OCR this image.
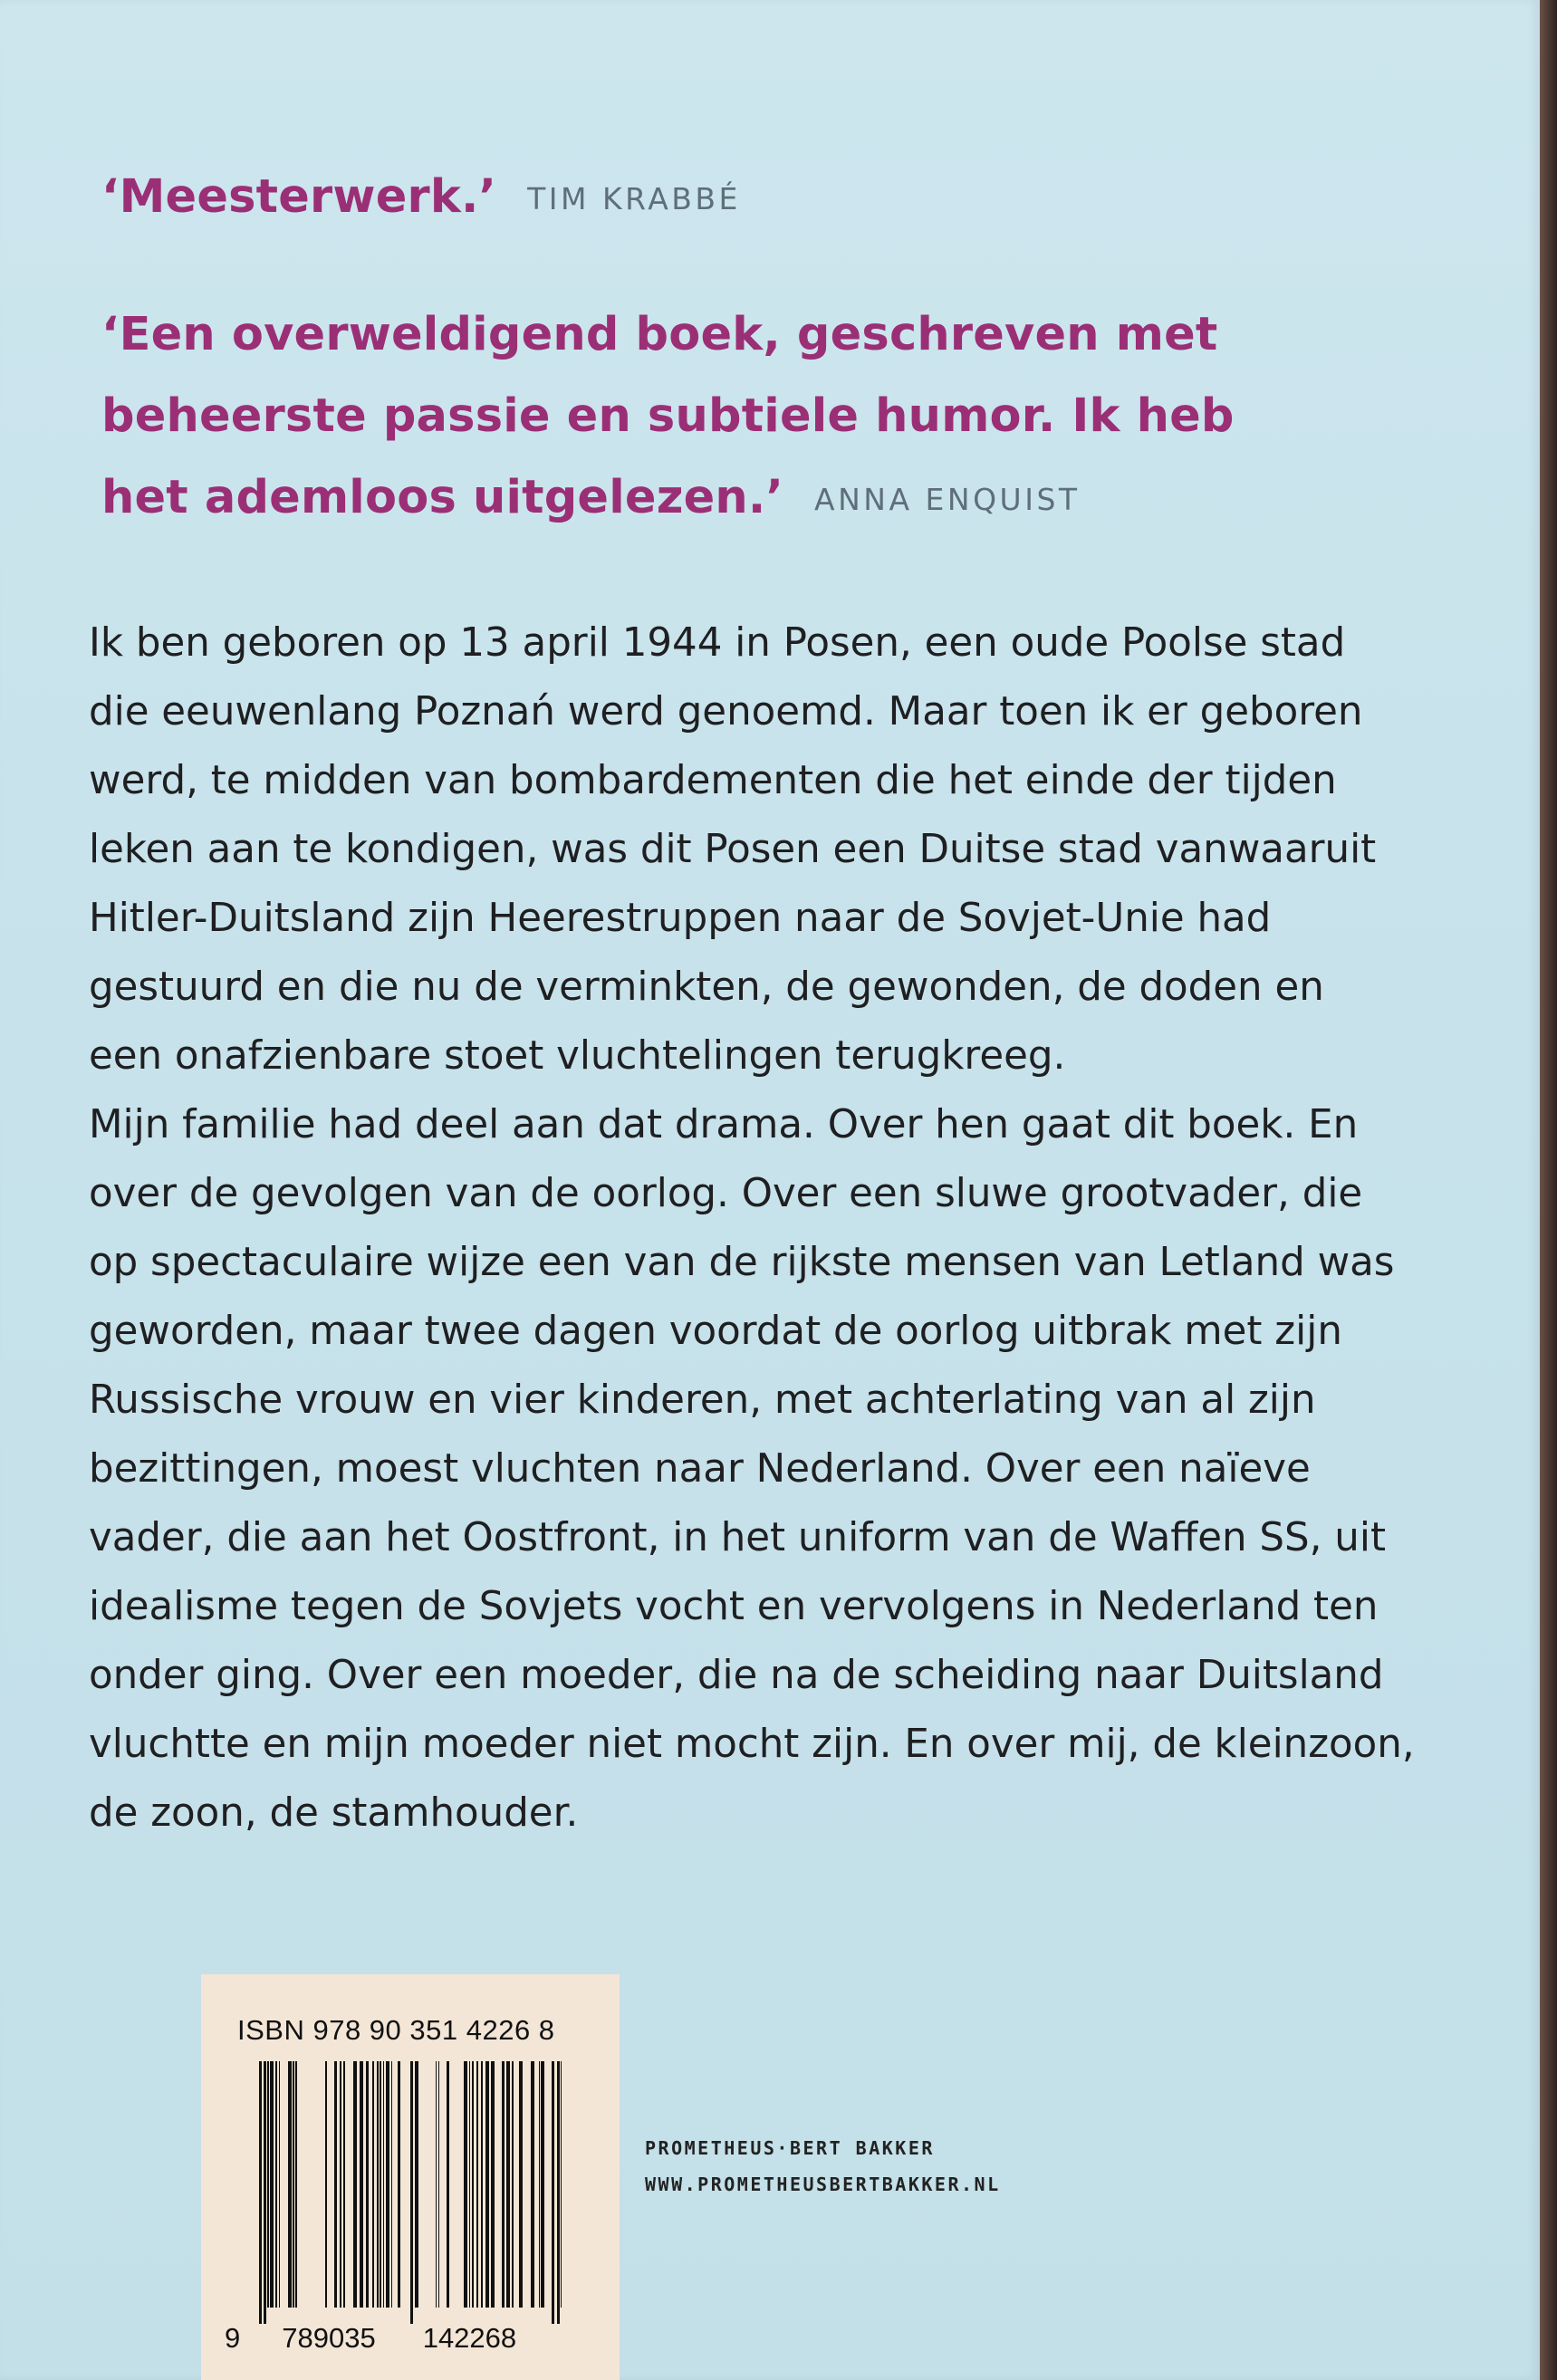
‘Meesterwerk.’ TIM KRABBÉ
‘Een overweldigend boek, geschreven met
beheerste passie en subtiele humor. Ik heb
het ademloos uitgelezen.’ ANNA ENQUIST
Ik ben geboren op 13 april 1944 in Posen, een oude Poolse stad
die eeuwenlang Poznań werd genoemd. Maar toen ik er geboren
werd, te midden van bombardementen die het einde der tijden
leken aan te kondigen, was dit Posen een Duitse stad vanwaaruit
Hitler-Duitsland zijn Heerestruppen naar de Sovjet-Unie had
gestuurd en die nu de verminkten, de gewonden, de doden en
een onafzienbare stoet vluchtelingen terugkreeg.
Mijn familie had deel aan dat drama. Over hen gaat dit boek. En
over de gevolgen van de oorlog. Over een sluwe grootvader, die
op spectaculaire wijze een van de rijkste mensen van Letland was
geworden, maar twee dagen voordat de oorlog uitbrak met zijn
Russische vrouw en vier kinderen, met achterlating van al zijn
bezittingen, moest vluchten naar Nederland. Over een naïeve
vader, die aan het Oostfront, in het uniform van de Waffen SS, uit
idealisme tegen de Sovjets vocht en vervolgens in Nederland ten
onder ging. Over een moeder, die na de scheiding naar Duitsland
vluchtte en mijn moeder niet mocht zijn. En over mij, de kleinzoon,
de zoon, de stamhouder.
ISBN 978 90 351 4226 8
9 789035 142268
PROMETHEUS·BERT BAKKER
WWW.PROMETHEUSBERTBAKKER.NL
